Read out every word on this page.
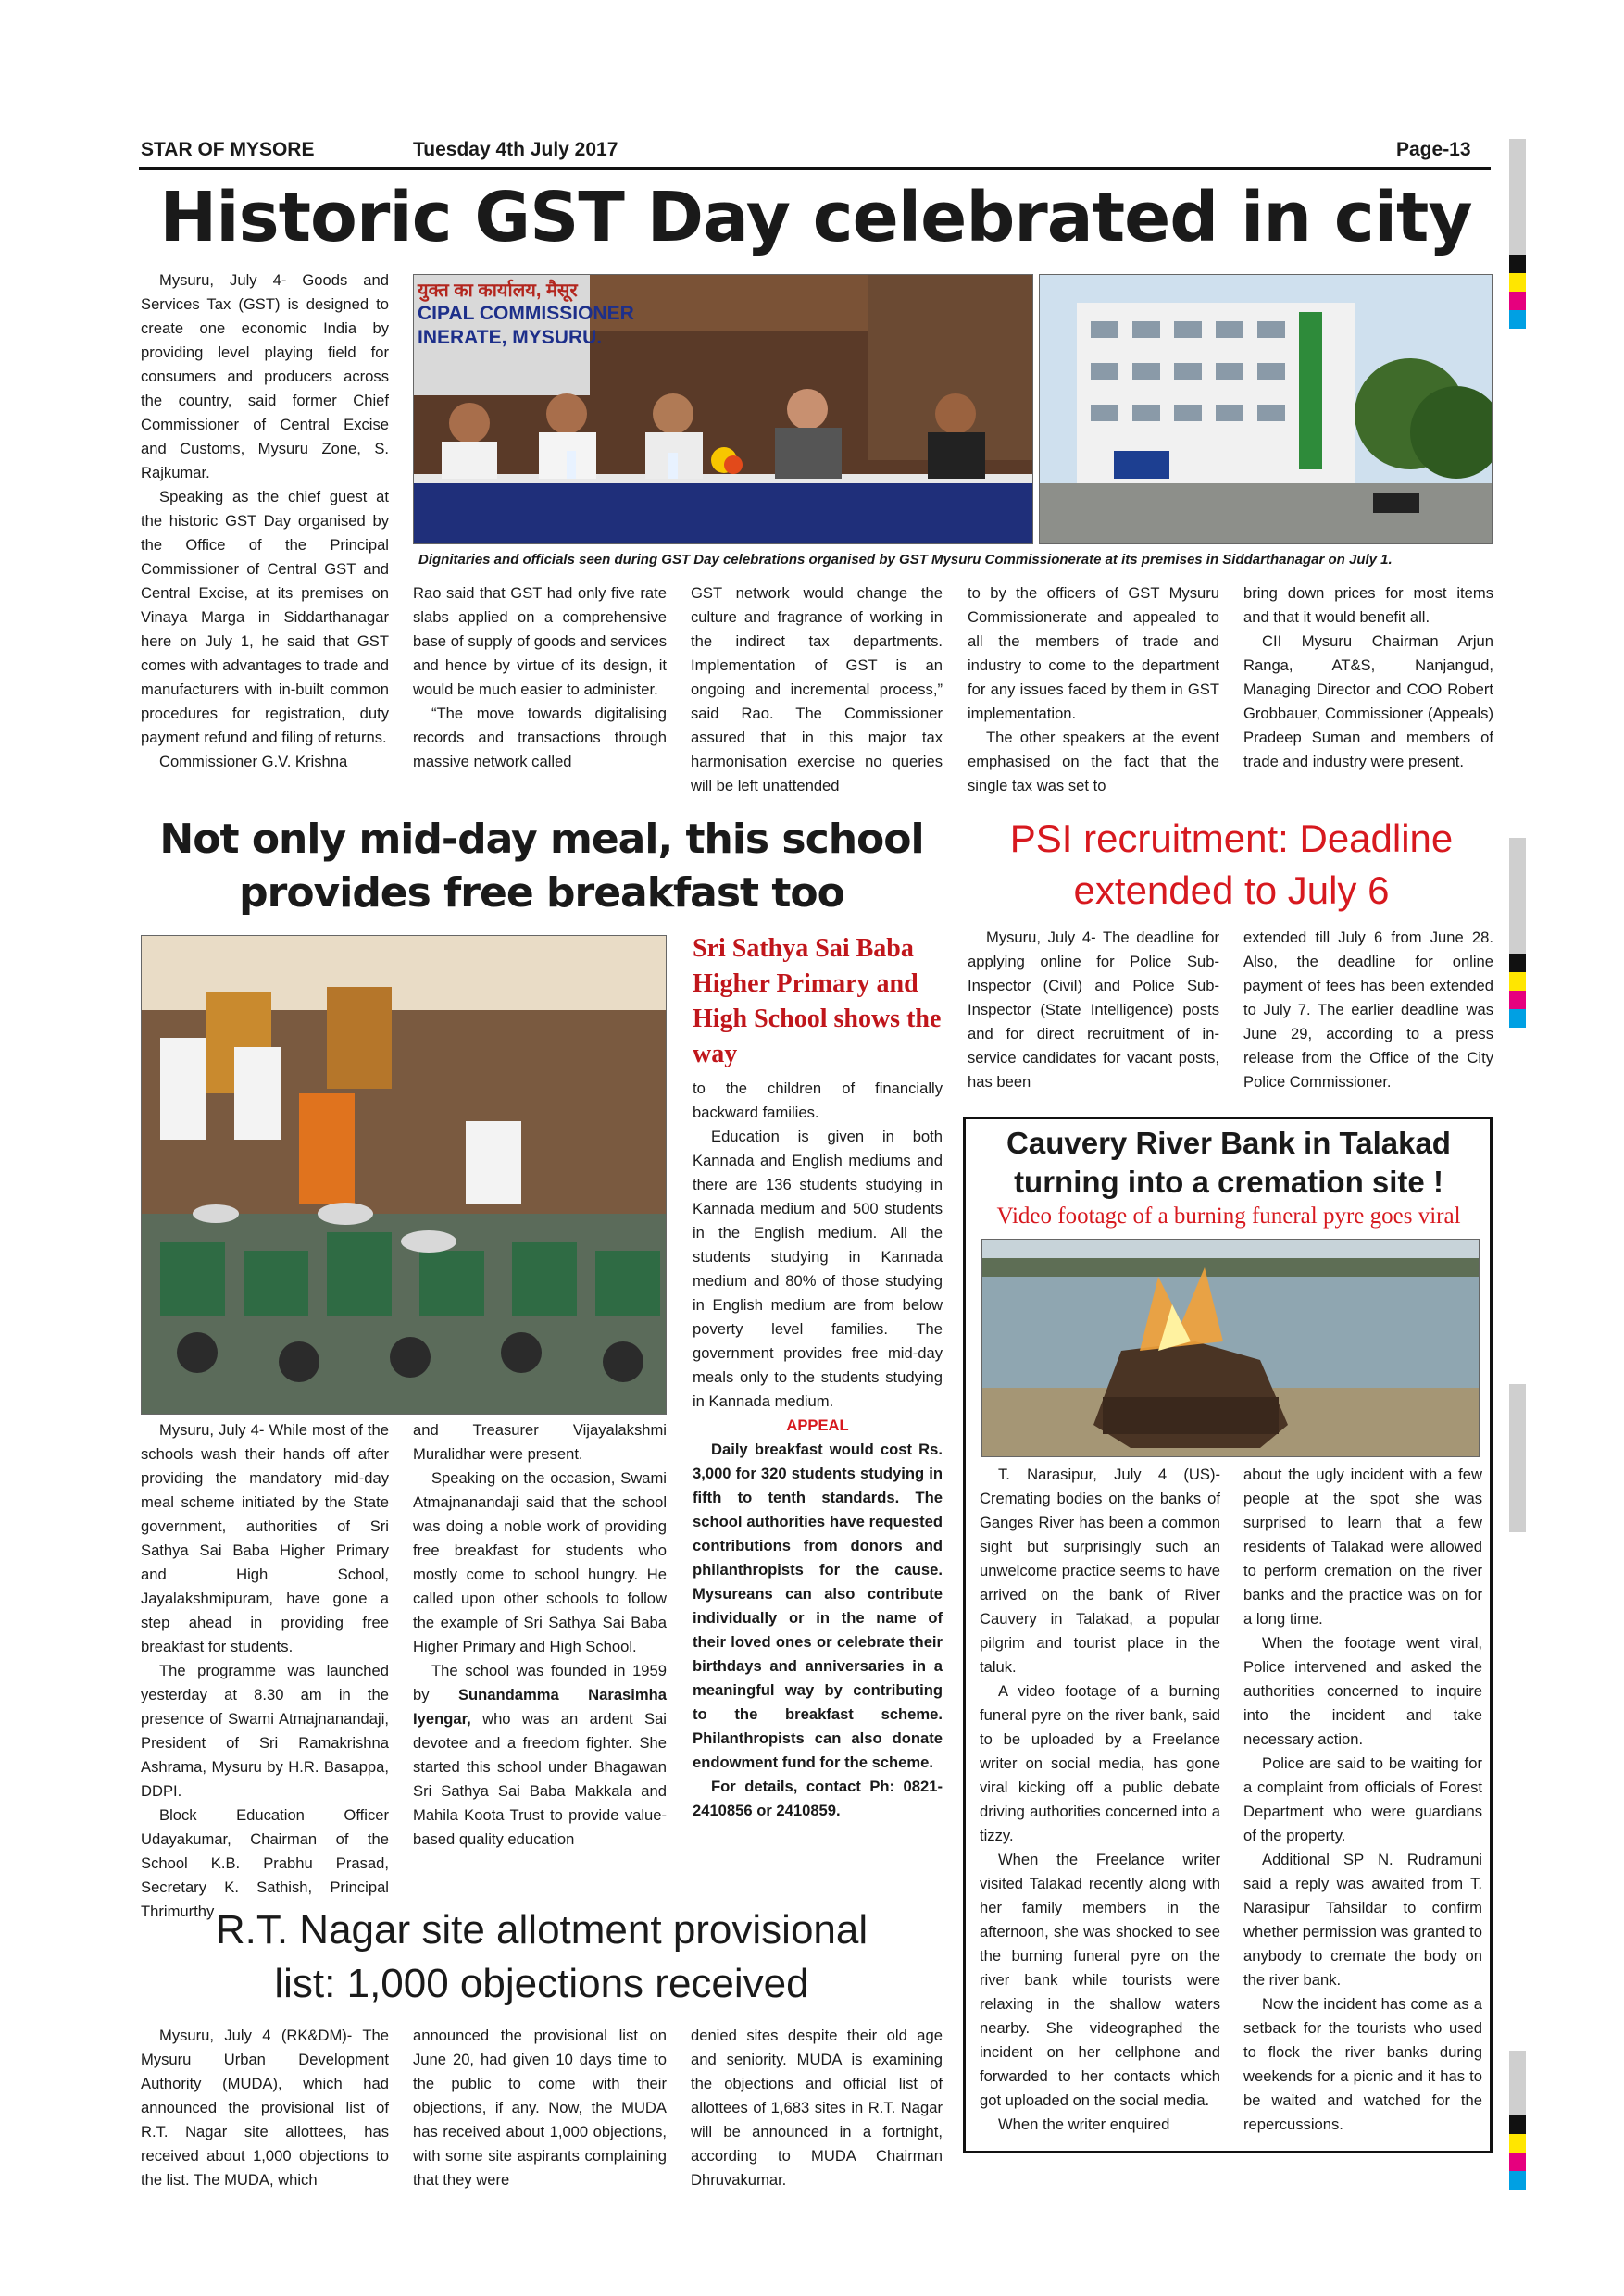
STAR OF MYSORE	Tuesday 4th July 2017	Page-13
Historic GST Day celebrated in city
युक्त का कार्यालय, मैसूर
CIPAL COMMISSIONER
INERATE, MYSURU.
Dignitaries and officials seen during GST Day celebrations organised by GST Mysuru Commissionerate at its premises in Siddarthanagar on July 1.

Mysuru, July 4- Goods and Services Tax (GST) is designed to create one economic India by providing level playing field for consumers and producers across the country, said former Chief Commissioner of Central Excise and Customs, Mysuru Zone, S. Rajkumar.

Speaking as the chief guest at the historic GST Day organised by the Office of the Principal Commissioner of Central GST and Central Excise, at its premises on Vinaya Marga in Siddarthanagar here on July 1, he said that GST comes with advantages to trade and manufacturers with in-built common procedures for registration, duty payment refund and filing of returns.

Commissioner G.V. Krishna

Rao said that GST had only five rate slabs applied on a comprehensive base of supply of goods and services and hence by virtue of its design, it would be much easier to administer.

“The move towards digitalising records and transactions through massive network called

GST network would change the culture and fragrance of working in the indirect tax departments. Implementation of GST is an ongoing and incremental process,” said Rao. The Commissioner assured that in this major tax harmonisation exercise no queries will be left unattended

to by the officers of GST Mysuru Commissionerate and appealed to all the members of trade and industry to come to the department for any issues faced by them in GST implementation.

The other speakers at the event emphasised on the fact that the single tax was set to

bring down prices for most items and that it would benefit all.

CII Mysuru Chairman Arjun Ranga, AT&S, Nanjangud, Managing Director and COO Robert Grobbauer, Commissioner (Appeals) Pradeep Suman and members of trade and industry were present.

Not only mid-day meal, this school
provides free breakfast too
Sri Sathya Sai Baba Higher Primary and High School shows the way

to the children of financially backward families.

Education is given in both Kannada and English mediums and there are 136 students studying in Kannada medium and 500 students in the English medium. All the students studying in Kannada medium and 80% of those studying in English medium are from below poverty level families. The government provides free mid-day meals only to the students studying in Kannada medium.

APPEAL

Daily breakfast would cost Rs. 3,000 for 320 students studying in fifth to tenth standards. The school authorities have requested contributions from donors and philanthropists for the cause. Mysureans can also contribute individually or in the name of their loved ones or celebrate their birthdays and anniversaries in a meaningful way by contributing to the breakfast scheme. Philanthropists can also donate endowment fund for the scheme.

For details, contact Ph: 0821-2410856 or 2410859.

Mysuru, July 4- While most of the schools wash their hands off after providing the mandatory mid-day meal scheme initiated by the State government, authorities of Sri Sathya Sai Baba Higher Primary and High School, Jayalakshmipuram, have gone a step ahead in providing free breakfast for students.

The programme was launched yesterday at 8.30 am in the presence of Swami Atmajnanandaji, President of Sri Ramakrishna Ashrama, Mysuru by H.R. Basappa, DDPI.

Block Education Officer Udayakumar, Chairman of the School K.B. Prabhu Prasad, Secretary K. Sathish, Principal Thrimurthy

and Treasurer Vijayalakshmi Muralidhar were present.

Speaking on the occasion, Swami Atmajnanandaji said that the school was doing a noble work of providing free breakfast for students who mostly come to school hungry. He called upon other schools to follow the example of Sri Sathya Sai Baba Higher Primary and High School.

The school was founded in 1959 by Sunandamma Narasimha Iyengar, who was an ardent Sai devotee and a freedom fighter. She started this school under Bhagawan Sri Sathya Sai Baba Makkala and Mahila Koota Trust to provide value-based quality education

PSI recruitment: Deadline
extended to July 6

Mysuru, July 4- The deadline for applying online for Police Sub-Inspector (Civil) and Police Sub-Inspector (State Intelligence) posts and for direct recruitment of in-service candidates for vacant posts, has been

extended till July 6 from June 28. Also, the deadline for online payment of fees has been extended to July 7. The earlier deadline was June 29, according to a press release from the Office of the City Police Commissioner.

Cauvery River Bank in Talakad
turning into a cremation site !
Video footage of a burning funeral pyre goes viral

T. Narasipur, July 4 (US)- Cremating bodies on the banks of Ganges River has been a common sight but surprisingly such an unwelcome practice seems to have arrived on the bank of River Cauvery in Talakad, a popular pilgrim and tourist place in the taluk.

A video footage of a burning funeral pyre on the river bank, said to be uploaded by a Freelance writer on social media, has gone viral kicking off a public debate driving authorities concerned into a tizzy.

When the Freelance writer visited Talakad recently along with her family members in the afternoon, she was shocked to see the burning funeral pyre on the river bank while tourists were relaxing in the shallow waters nearby. She videographed the incident on her cellphone and forwarded to her contacts which got uploaded on the social media.

When the writer enquired

about the ugly incident with a few people at the spot she was surprised to learn that a few residents of Talakad were allowed to perform cremation on the river banks and the practice was on for a long time.

When the footage went viral, Police intervened and asked the authorities concerned to inquire into the incident and take necessary action.

Police are said to be waiting for a complaint from officials of Forest Department who were guardians of the property.

Additional SP N. Rudramuni said a reply was awaited from T. Narasipur Tahsildar to confirm whether permission was granted to anybody to cremate the body on the river bank.

Now the incident has come as a setback for the tourists who used to flock the river banks during weekends for a picnic and it has to be waited and watched for the repercussions.

R.T. Nagar site allotment provisional
list: 1,000 objections received

Mysuru, July 4 (RK&DM)- The Mysuru Urban Development Authority (MUDA), which had announced the provisional list of R.T. Nagar site allottees, has received about 1,000 objections to the list. The MUDA, which

announced the provisional list on June 20, had given 10 days time to the public to come with their objections, if any. Now, the MUDA has received about 1,000 objections, with some site aspirants complaining that they were

denied sites despite their old age and seniority. MUDA is examining the objections and official list of allottees of 1,683 sites in R.T. Nagar will be announced in a fortnight, according to MUDA Chairman Dhruvakumar.
